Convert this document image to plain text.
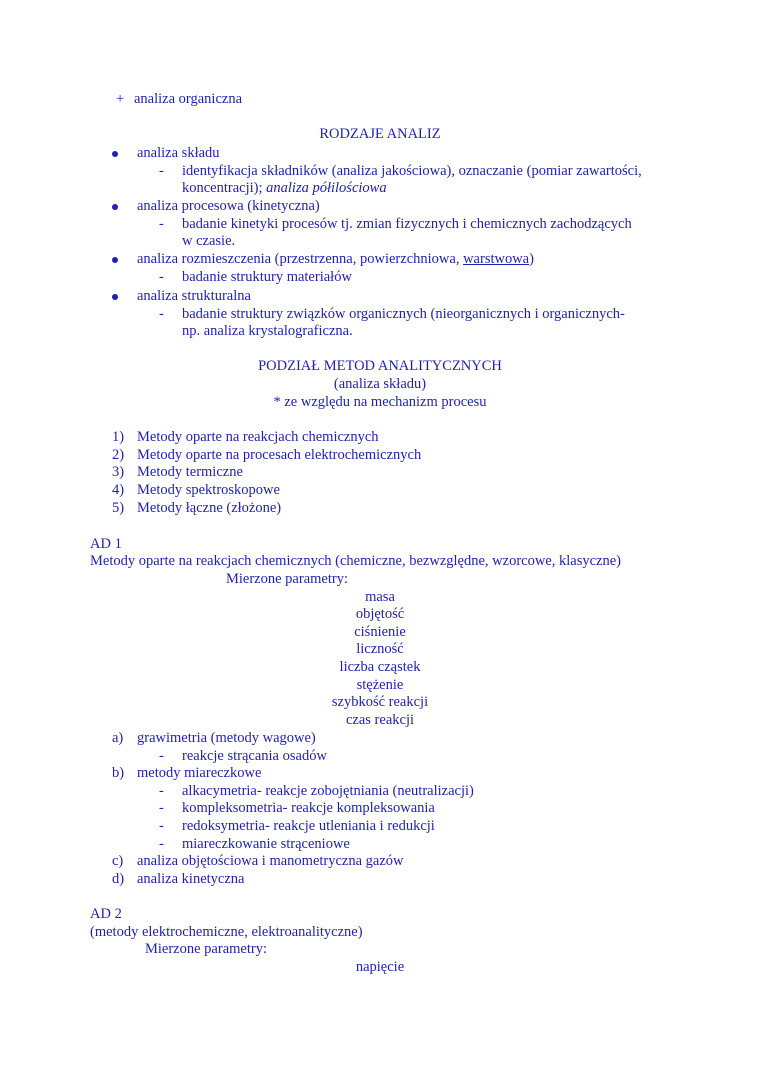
+ analiza organiczna
RODZAJE ANALIZ
analiza składu
- identyfikacja składników (analiza jakościowa), oznaczanie (pomiar zawartości,
koncentracji); analiza półilościowa
analiza procesowa (kinetyczna)
- badanie kinetyki procesów tj. zmian fizycznych i chemicznych zachodzących
w czasie.
analiza rozmieszczenia (przestrzenna, powierzchniowa, warstwowa)
- badanie struktury materiałów
analiza strukturalna
- badanie struktury związków organicznych (nieorganicznych i organicznych-
np. analiza krystalograficzna.
PODZIAŁ METOD ANALITYCZNYCH
(analiza składu)
* ze względu na mechanizm procesu
1) Metody oparte na reakcjach chemicznych
2) Metody oparte na procesach elektrochemicznych
3) Metody termiczne
4) Metody spektroskopowe
5) Metody łączne (złożone)
AD 1
Metody oparte na reakcjach chemicznych (chemiczne, bezwzględne, wzorcowe, klasyczne)
Mierzone parametry:
masa
objętość
ciśnienie
liczność
liczba cząstek
stężenie
szybkość reakcji
czas reakcji
a) grawimetria (metody wagowe)
- reakcje strącania osadów
b) metody miareczkowe
- alkacymetria- reakcje zobojętniania (neutralizacji)
- kompleksometria- reakcje kompleksowania
- redoksymetria- reakcje utleniania i redukcji
- miareczkowanie strąceniowe
c) analiza objętościowa i manometryczna gazów
d) analiza kinetyczna
AD 2
(metody elektrochemiczne, elektroanalityczne)
Mierzone parametry:
napięcie
